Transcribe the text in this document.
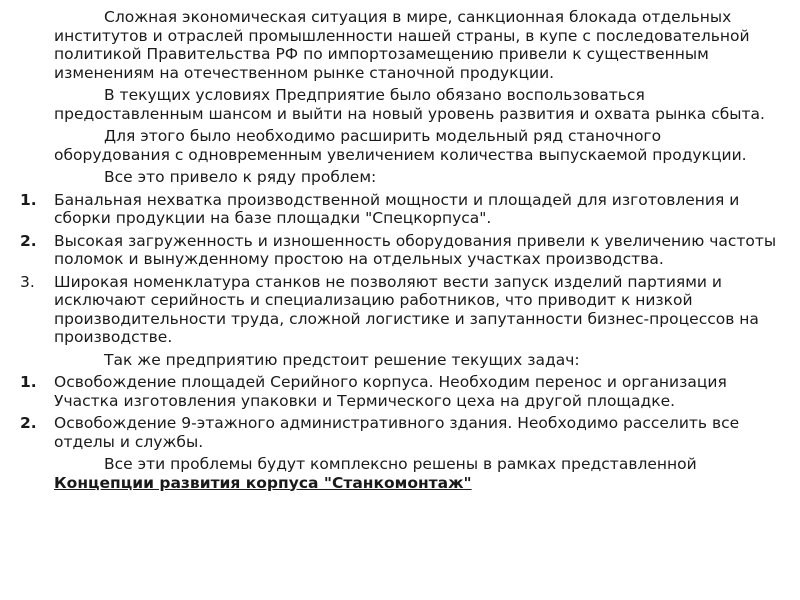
Сложная экономическая ситуация в мире, санкционная блокада отдельных институтов и отраслей промышленности нашей страны, в купе с последовательной политикой Правительства РФ по импортозамещению привели к существенным изменениям на отечественном рынке станочной продукции.

В текущих условиях Предприятие было обязано воспользоваться предоставленным шансом и выйти на новый уровень развития и охвата рынка сбыта.

Для этого было необходимо расширить модельный ряд станочного оборудования с одновременным увеличением количества выпускаемой продукции.

Все это привело к ряду проблем:

1. Банальная нехватка производственной мощности и площадей для изготовления и сборки продукции на базе площадки "Спецкорпуса".
2. Высокая загруженность и изношенность оборудования привели к увеличению частоты поломок и вынужденному простою на отдельных участках производства.
3. Широкая номенклатура станков не позволяют вести запуск изделий партиями и исключают серийность и специализацию работников, что приводит к низкой производительности труда, сложной логистике и запутанности бизнес-процессов на производстве.

Так же предприятию предстоит решение текущих задач:

1. Освобождение площадей Серийного корпуса. Необходим перенос и организация Участка изготовления упаковки и Термического цеха на другой площадке.
2. Освобождение 9-этажного административного здания. Необходимо расселить все отделы и службы.

Все эти проблемы будут комплексно решены в рамках представленной Концепции развития корпуса "Станкомонтаж"
